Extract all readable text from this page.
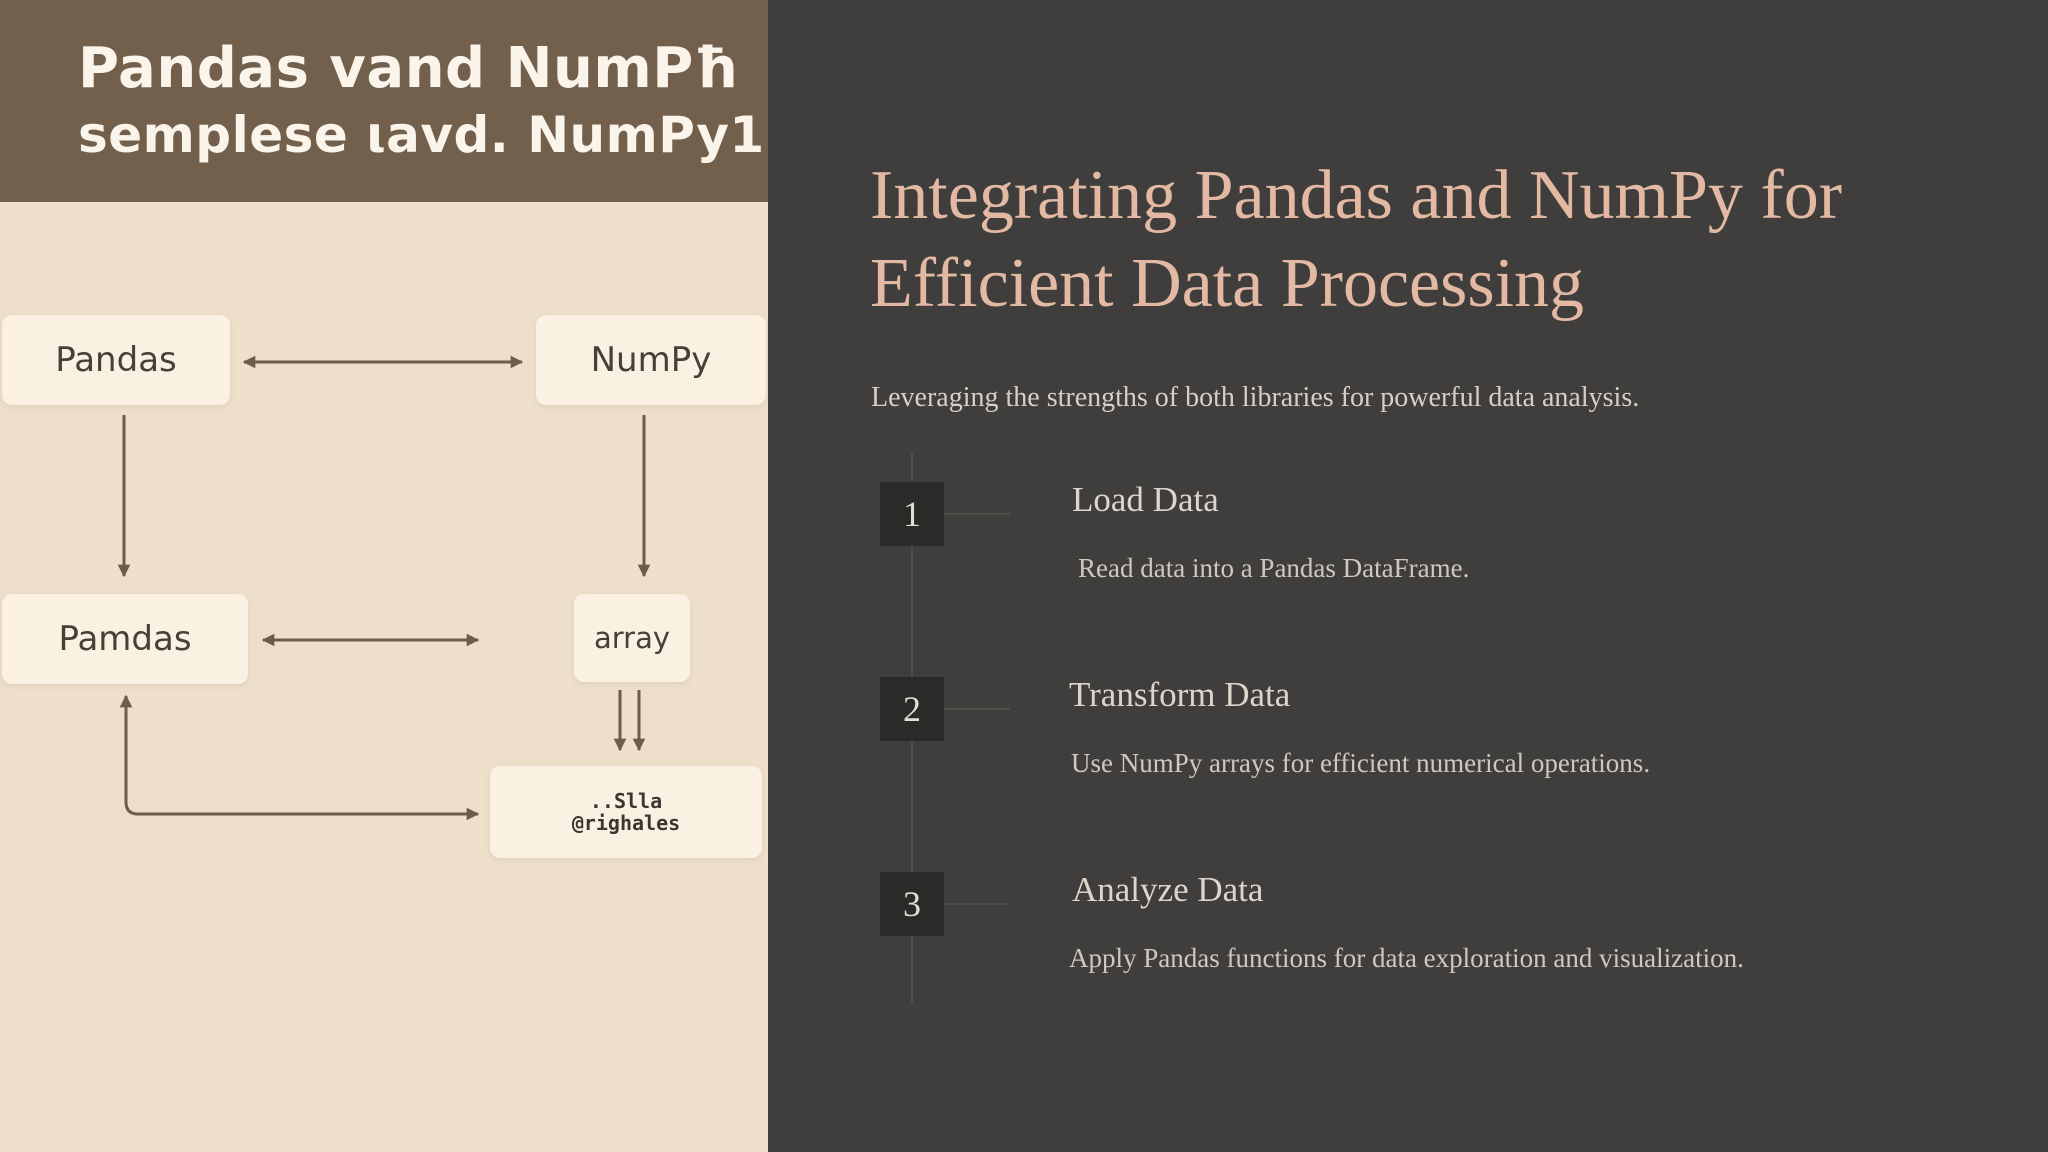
Pandas vand NumPħ
semplese ιavd. NumPy1
Pandas	NumPy
Pamdas	array
..Slla
@righales
Integrating Pandas and NumPy for Efficient Data Processing
Leveraging the strengths of both libraries for powerful data analysis.
1	Load Data
Read data into a Pandas DataFrame.
2	Transform Data
Use NumPy arrays for efficient numerical operations.
3	Analyze Data
Apply Pandas functions for data exploration and visualization.
